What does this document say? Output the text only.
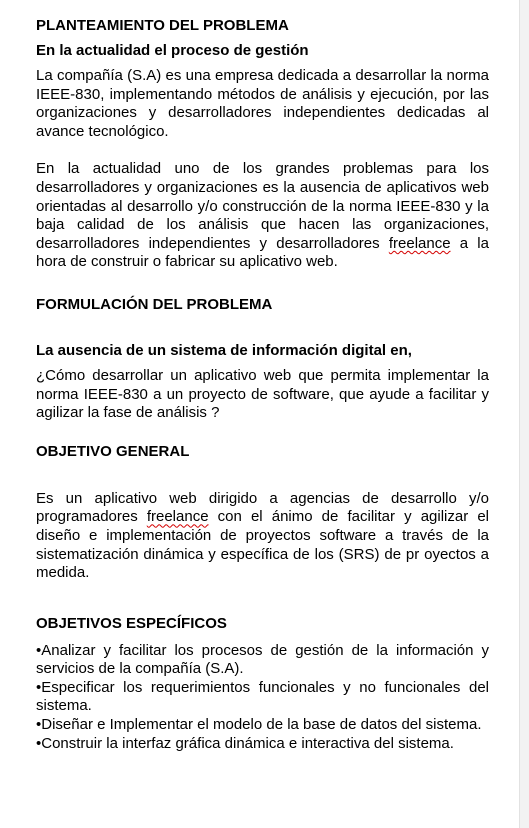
PLANTEAMIENTO DEL PROBLEMA
En la actualidad el proceso de gestión

La compañía (S.A) es una empresa dedicada a desarrollar la norma IEEE-830, implementando métodos de análisis y ejecución, por las organizaciones y desarrolladores independientes dedicadas al avance tecnológico.

En la actualidad uno de los grandes problemas para los desarrolladores y organizaciones es la ausencia de aplicativos web orientadas al desarrollo y/o construcción de la norma IEEE-830 y la baja calidad de los análisis que hacen las organizaciones, desarrolladores independientes y desarrolladores freelance a la hora de construir o fabricar su aplicativo web.

FORMULACIÓN DEL PROBLEMA
La ausencia de un sistema de información digital en,

¿Cómo desarrollar un aplicativo web que permita implementar la norma IEEE-830 a un proyecto de software, que ayude a facilitar y agilizar la fase de análisis ?

OBJETIVO GENERAL

Es un aplicativo web dirigido a agencias de desarrollo y/o programadores freelance con el ánimo de facilitar y agilizar el diseño e implementación de proyectos software a través de la sistematización dinámica y específica de los (SRS) de pr oyectos a medida.

OBJETIVOS ESPECÍFICOS

•Analizar y facilitar los procesos de gestión de la información y servicios de la compañía (S.A).

•Especificar los requerimientos funcionales y no funcionales del sistema.

•Diseñar e Implementar el modelo de la base de datos del sistema.

•Construir la interfaz gráfica dinámica e interactiva del sistema.
